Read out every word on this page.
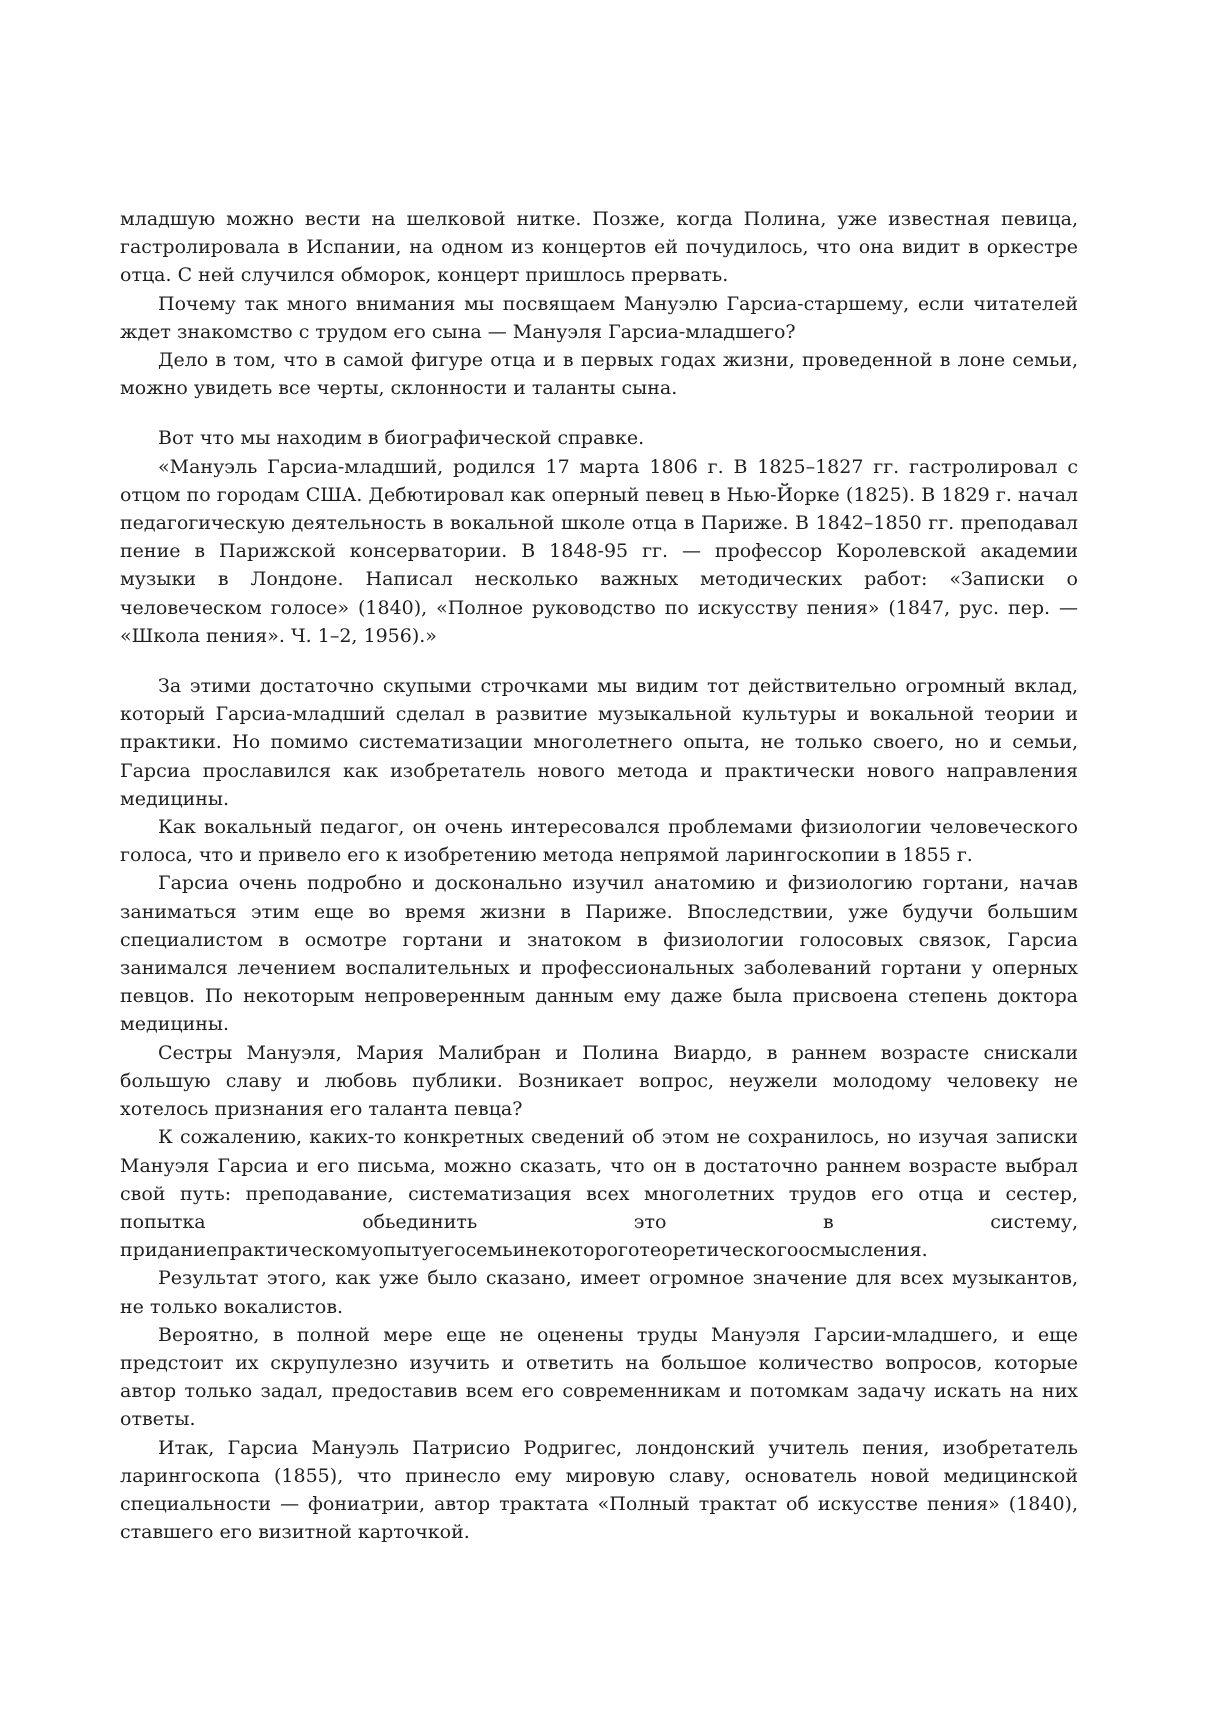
младшую можно вести на шелковой нитке. Позже, когда Полина, уже известная певица, гастролировала в Испании, на одном из концертов ей почудилось, что она видит в оркестре отца. С ней случился обморок, концерт пришлось прервать.

Почему так много внимания мы посвящаем Мануэлю Гарсиа-старшему, если читателей ждет знакомство с трудом его сына — Мануэля Гарсиа-младшего?

Дело в том, что в самой фигуре отца и в первых годах жизни, проведенной в лоне семьи, можно увидеть все черты, склонности и таланты сына.

Вот что мы находим в биографической справке.

«Мануэль Гарсиа-младший, родился 17 марта 1806 г. В 1825–1827 гг. гастролировал с отцом по городам США. Дебютировал как оперный певец в Нью-Йорке (1825). В 1829 г. начал педагогическую деятельность в вокальной школе отца в Париже. В 1842–1850 гг. преподавал пение в Парижской консерватории. В 1848-95 гг. — профессор Королевской академии музыки в Лондоне. Написал несколько важных методических работ: «Записки о человеческом голосе» (1840), «Полное руководство по искусству пения» (1847, рус. пер. — «Школа пения». Ч. 1–2, 1956).»

За этими достаточно скупыми строчками мы видим тот действительно огромный вклад, который Гарсиа-младший сделал в развитие музыкальной культуры и вокальной теории и практики. Но помимо систематизации многолетнего опыта, не только своего, но и семьи, Гарсиа прославился как изобретатель нового метода и практически нового направления медицины.

Как вокальный педагог, он очень интересовался проблемами физиологии человеческого голоса, что и привело его к изобретению метода непрямой ларингоскопии в 1855 г.

Гарсиа очень подробно и досконально изучил анатомию и физиологию гортани, начав заниматься этим еще во время жизни в Париже. Впоследствии, уже будучи большим специалистом в осмотре гортани и знатоком в физиологии голосовых связок, Гарсиа занимался лечением воспалительных и профессиональных заболеваний гортани у оперных певцов. По некоторым непроверенным данным ему даже была присвоена степень доктора медицины.

Сестры Мануэля, Мария Малибран и Полина Виардо, в раннем возрасте снискали большую славу и любовь публики. Возникает вопрос, неужели молодому человеку не хотелось признания его таланта певца?

К сожалению, каких-то конкретных сведений об этом не сохранилось, но изучая записки Мануэля Гарсиа и его письма, можно сказать, что он в достаточно раннем возрасте выбрал свой путь: преподавание, систематизация всех многолетних трудов его отца и сестер, попытка обьединить это в систему, приданиепрактическомуопытуегосемьинекотороготеоретическогоосмысления.

Результат этого, как уже было сказано, имеет огромное значение для всех музыкантов, не только вокалистов.

Вероятно, в полной мере еще не оценены труды Мануэля Гарсии-младшего, и еще предстоит их скрупулезно изучить и ответить на большое количество вопросов, которые автор только задал, предоставив всем его современникам и потомкам задачу искать на них ответы.

Итак, Гарсиа Мануэль Патрисио Родригес, лондонский учитель пения, изобретатель ларингоскопа (1855), что принесло ему мировую славу, основатель новой медицинской специальности — фониатрии, автор трактата «Полный трактат об искусстве пения» (1840), ставшего его визитной карточкой.
